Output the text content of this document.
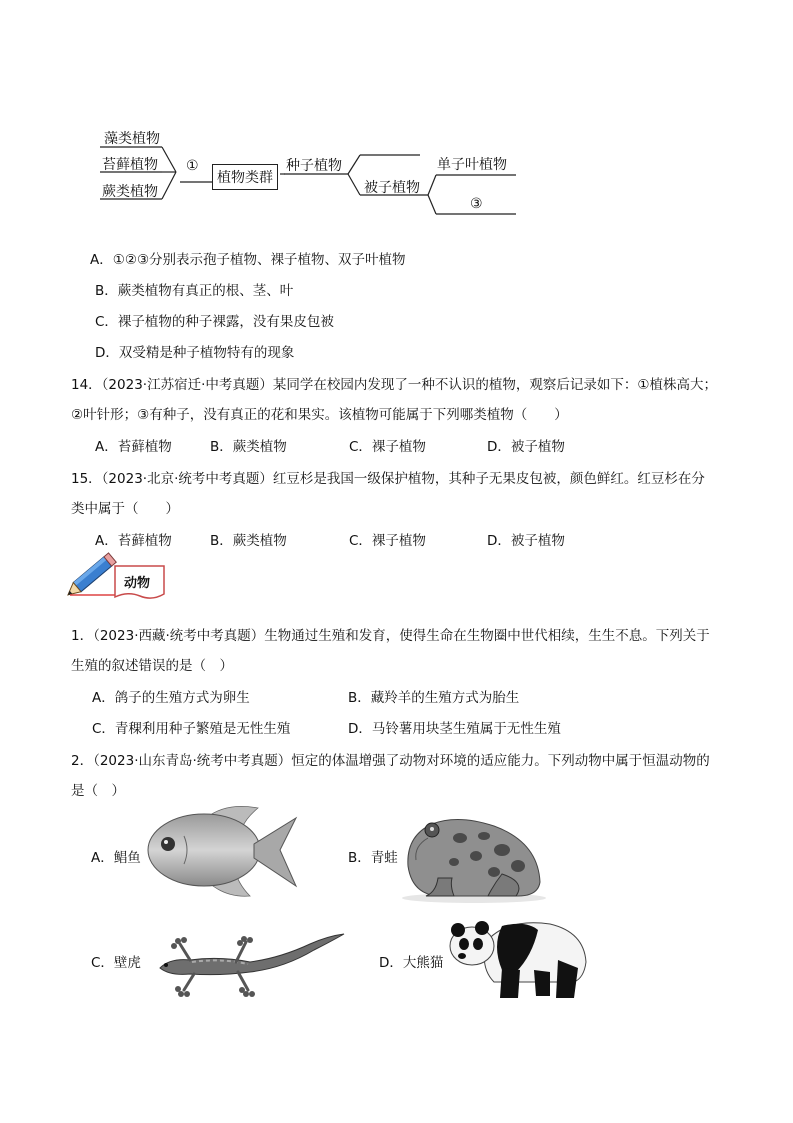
藻类植物
苔藓植物
蕨类植物
①
植物类群
种子植物
被子植物
单子叶植物
③
A．①②③分别表示孢子植物、裸子植物、双子叶植物
B．蕨类植物有真正的根、茎、叶
C．裸子植物的种子裸露，没有果皮包被
D．双受精是种子植物特有的现象
14．（2023·江苏宿迁·中考真题）某同学在校园内发现了一种不认识的植物，观察后记录如下：①植株高大；
②叶针形；③有种子，没有真正的花和果实。该植物可能属于下列哪类植物（　　）
A．苔藓植物	B．蕨类植物	C．裸子植物	D．被子植物
15．（2023·北京·统考中考真题）红豆杉是我国一级保护植物，其种子无果皮包被，颜色鲜红。红豆杉在分
类中属于（　　）
A．苔藓植物	B．蕨类植物	C．裸子植物	D．被子植物
动物
1．（2023·西藏·统考中考真题）生物通过生殖和发育，使得生命在生物圈中世代相续，生生不息。下列关于
生殖的叙述错误的是（　）
A．鸽子的生殖方式为卵生	B．藏羚羊的生殖方式为胎生
C．青稞利用种子繁殖是无性生殖	D．马铃薯用块茎生殖属于无性生殖
2．（2023·山东青岛·统考中考真题）恒定的体温增强了动物对环境的适应能力。下列动物中属于恒温动物的
是（　）
A．鲳鱼	B．青蛙
C．壁虎	D．大熊猫
